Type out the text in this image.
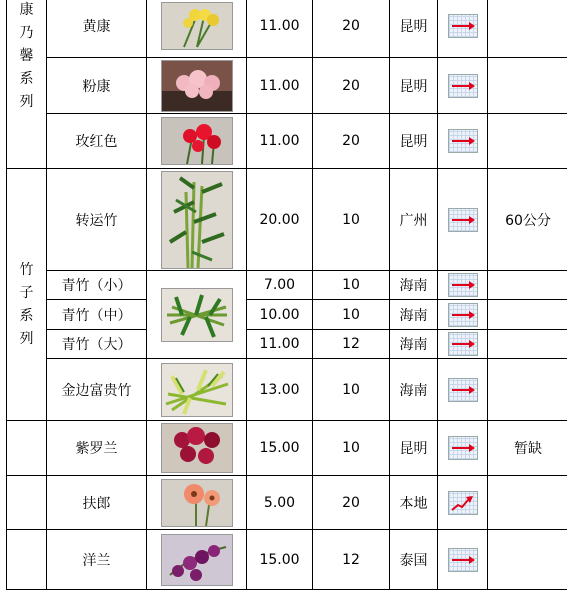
康
乃
馨
系
列	黄康		11.00	20	昆明	

	粉康		11.00	20	昆明	

	玫红色		11.00	20	昆明	

竹
子
系
列	转运竹		20.00	10	广州		60公分
	青竹（小）		7.00	10	海南	

	青竹（中）		10.00	10	海南	

	青竹（大）		11.00	12	海南	

	金边富贵竹		13.00	10	海南	

	紫罗兰		15.00	10	昆明		暂缺
	扶郎		5.00	20	本地	

	洋兰		15.00	12	泰国	
